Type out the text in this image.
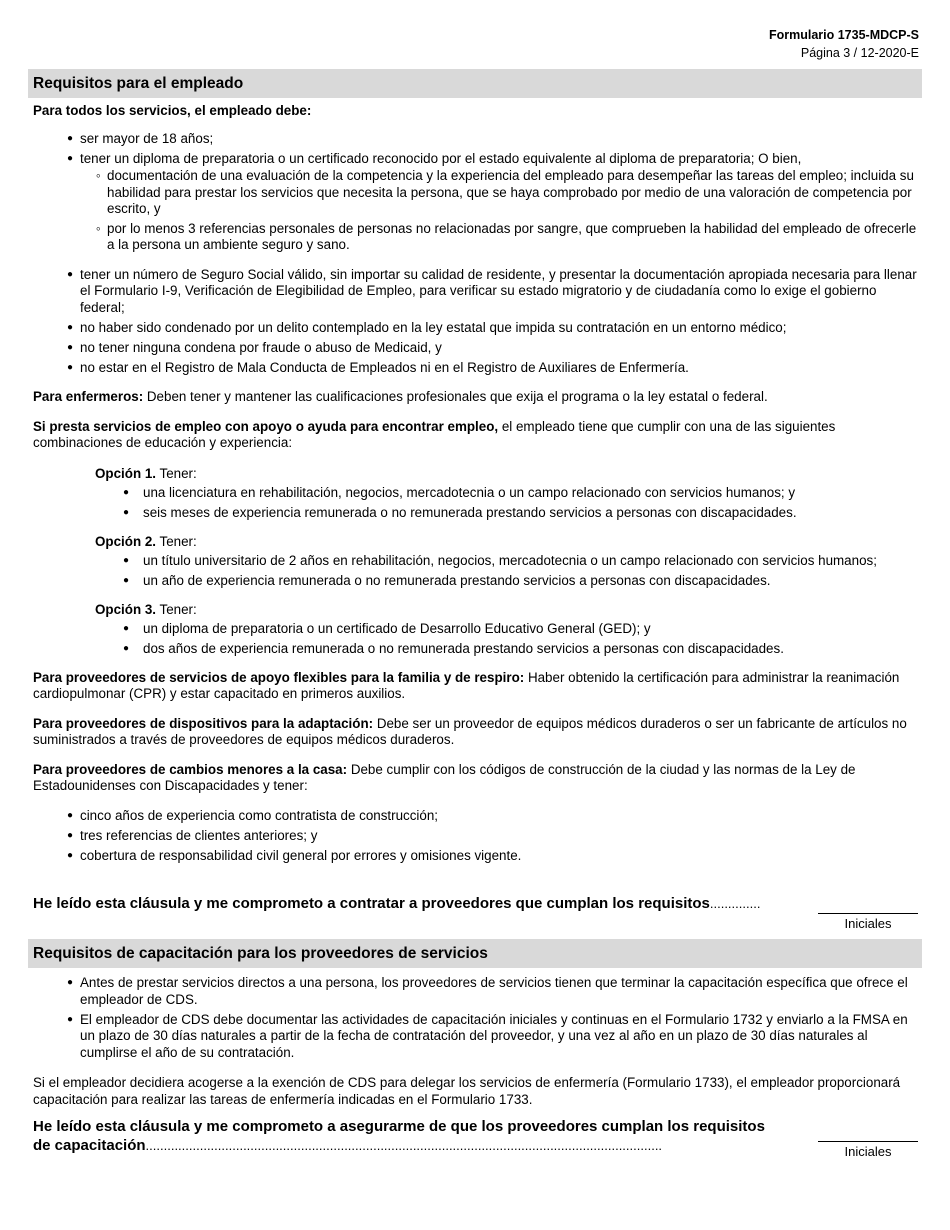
Formulario 1735-MDCP-S
Página 3 / 12-2020-E
Requisitos para el empleado
Para todos los servicios, el empleado debe:
● ser mayor de 18 años;
● tener un diploma de preparatoria o un certificado reconocido por el estado equivalente al diploma de preparatoria; O bien,
◦ documentación de una evaluación de la competencia y la experiencia del empleado para desempeñar las tareas del empleo; incluida su habilidad para prestar los servicios que necesita la persona, que se haya comprobado por medio de una valoración de competencia por escrito, y
◦ por lo menos 3 referencias personales de personas no relacionadas por sangre, que comprueben la habilidad del empleado de ofrecerle a la persona un ambiente seguro y sano.
● tener un número de Seguro Social válido, sin importar su calidad de residente, y presentar la documentación apropiada necesaria para llenar el Formulario I-9, Verificación de Elegibilidad de Empleo, para verificar su estado migratorio y de ciudadanía como lo exige el gobierno federal;
● no haber sido condenado por un delito contemplado en la ley estatal que impida su contratación en un entorno médico;
● no tener ninguna condena por fraude o abuso de Medicaid, y
● no estar en el Registro de Mala Conducta de Empleados ni en el Registro de Auxiliares de Enfermería.

Para enfermeros: Deben tener y mantener las cualificaciones profesionales que exija el programa o la ley estatal o federal.

Si presta servicios de empleo con apoyo o ayuda para encontrar empleo, el empleado tiene que cumplir con una de las siguientes combinaciones de educación y experiencia:

Opción 1. Tener:
● una licenciatura en rehabilitación, negocios, mercadotecnia o un campo relacionado con servicios humanos; y
● seis meses de experiencia remunerada o no remunerada prestando servicios a personas con discapacidades.
Opción 2. Tener:
● un título universitario de 2 años en rehabilitación, negocios, mercadotecnia o un campo relacionado con servicios humanos;
● un año de experiencia remunerada o no remunerada prestando servicios a personas con discapacidades.
Opción 3. Tener:
● un diploma de preparatoria o un certificado de Desarrollo Educativo General (GED); y
● dos años de experiencia remunerada o no remunerada prestando servicios a personas con discapacidades.

Para proveedores de servicios de apoyo flexibles para la familia y de respiro: Haber obtenido la certificación para administrar la reanimación cardiopulmonar (CPR) y estar capacitado en primeros auxilios.

Para proveedores de dispositivos para la adaptación: Debe ser un proveedor de equipos médicos duraderos o ser un fabricante de artículos no suministrados a través de proveedores de equipos médicos duraderos.

Para proveedores de cambios menores a la casa: Debe cumplir con los códigos de construcción de la ciudad y las normas de la Ley de Estadounidenses con Discapacidades y tener:

● cinco años de experiencia como contratista de construcción;
● tres referencias de clientes anteriores; y
● cobertura de responsabilidad civil general por errores y omisiones vigente.
He leído esta cláusula y me comprometo a contratar a proveedores que cumplan los requisitos..............
Iniciales
Requisitos de capacitación para los proveedores de servicios
● Antes de prestar servicios directos a una persona, los proveedores de servicios tienen que terminar la capacitación específica que ofrece el empleador de CDS.
● El empleador de CDS debe documentar las actividades de capacitación iniciales y continuas en el Formulario 1732 y enviarlo a la FMSA en un plazo de 30 días naturales a partir de la fecha de contratación del proveedor, y una vez al año en un plazo de 30 días naturales al cumplirse el año de su contratación.

Si el empleador decidiera acogerse a la exención de CDS para delegar los servicios de enfermería (Formulario 1733), el empleador proporcionará capacitación para realizar las tareas de enfermería indicadas en el Formulario 1733.

He leído esta cláusula y me comprometo a asegurarme de que los proveedores cumplan los requisitos
de capacitación...............................................................................................................................................	Iniciales
